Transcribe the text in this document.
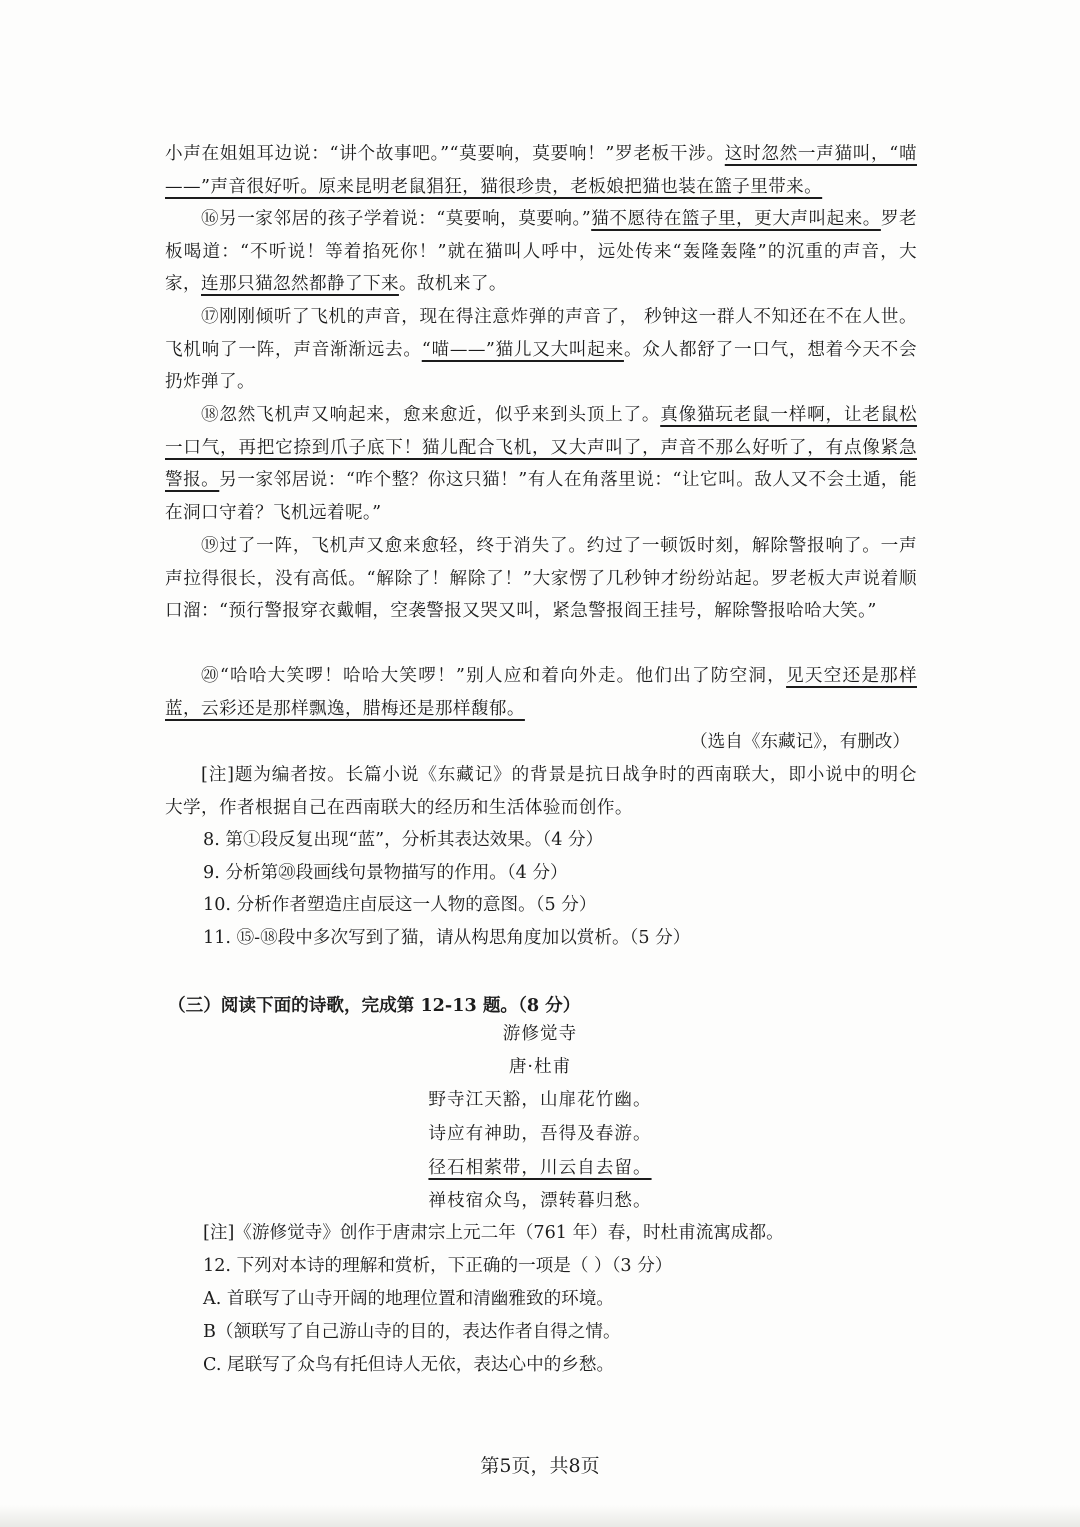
小声在姐姐耳边说：“讲个故事吧。”“莫要响，莫要响！”罗老板干涉。这时忽然一声猫叫，“喵——”声音很好听。原来昆明老鼠猖狂，猫很珍贵，老板娘把猫也装在篮子里带来。

⑯另一家邻居的孩子学着说：“莫要响，莫要响。”猫不愿待在篮子里，更大声叫起来。罗老板喝道：“不听说！等着掐死你！”就在猫叫人呼中，远处传来“轰隆轰隆”的沉重的声音，大家，连那只猫忽然都静了下来。敌机来了。

⑰刚刚倾听了飞机的声音，现在得注意炸弹的声音了， 秒钟这一群人不知还在不在人世。飞机响了一阵，声音渐渐远去。“喵——”猫儿又大叫起来。众人都舒了一口气，想着今天不会扔炸弹了。

⑱忽然飞机声又响起来，愈来愈近，似乎来到头顶上了。真像猫玩老鼠一样啊，让老鼠松一口气，再把它捺到爪子底下！猫儿配合飞机，又大声叫了，声音不那么好听了，有点像紧急警报。另一家邻居说：“咋个整？你这只猫！”有人在角落里说：“让它叫。敌人又不会土遁，能在洞口守着？飞机远着呢。”

⑲过了一阵，飞机声又愈来愈轻，终于消失了。约过了一顿饭时刻，解除警报响了。一声声拉得很长，没有高低。“解除了！解除了！”大家愣了几秒钟才纷纷站起。罗老板大声说着顺口溜：“预行警报穿衣戴帽，空袭警报又哭又叫，紧急警报阎王挂号，解除警报哈哈大笑。”

⑳“哈哈大笑啰！哈哈大笑啰！”别人应和着向外走。他们出了防空洞，见天空还是那样蓝，云彩还是那样飘逸，腊梅还是那样馥郁。

（选自《东藏记》，有删改）

[注]题为编者按。长篇小说《东藏记》的背景是抗日战争时的西南联大，即小说中的明仑大学，作者根据自己在西南联大的经历和生活体验而创作。

8. 第①段反复出现“蓝”，分析其表达效果。（4 分）
9. 分析第⑳段画线句景物描写的作用。（4 分）
10. 分析作者塑造庄卣辰这一人物的意图。（5 分）
11. ⑮-⑱段中多次写到了猫，请从构思角度加以赏析。（5 分）
（三）阅读下面的诗歌，完成第 12-13 题。（8 分）
游修觉寺
唐·杜甫
野寺江天豁，山扉花竹幽。
诗应有神助，吾得及春游。
径石相萦带，川云自去留。
禅枝宿众鸟，漂转暮归愁。
[注]《游修觉寺》创作于唐肃宗上元二年（761 年）春，时杜甫流寓成都。
12. 下列对本诗的理解和赏析，下正确的一项是（ ）（3 分）
A. 首联写了山寺开阔的地理位置和清幽雅致的环境。
B（颔联写了自己游山寺的目的，表达作者自得之情。
C. 尾联写了众鸟有托但诗人无依，表达心中的乡愁。
第5页，共8页
